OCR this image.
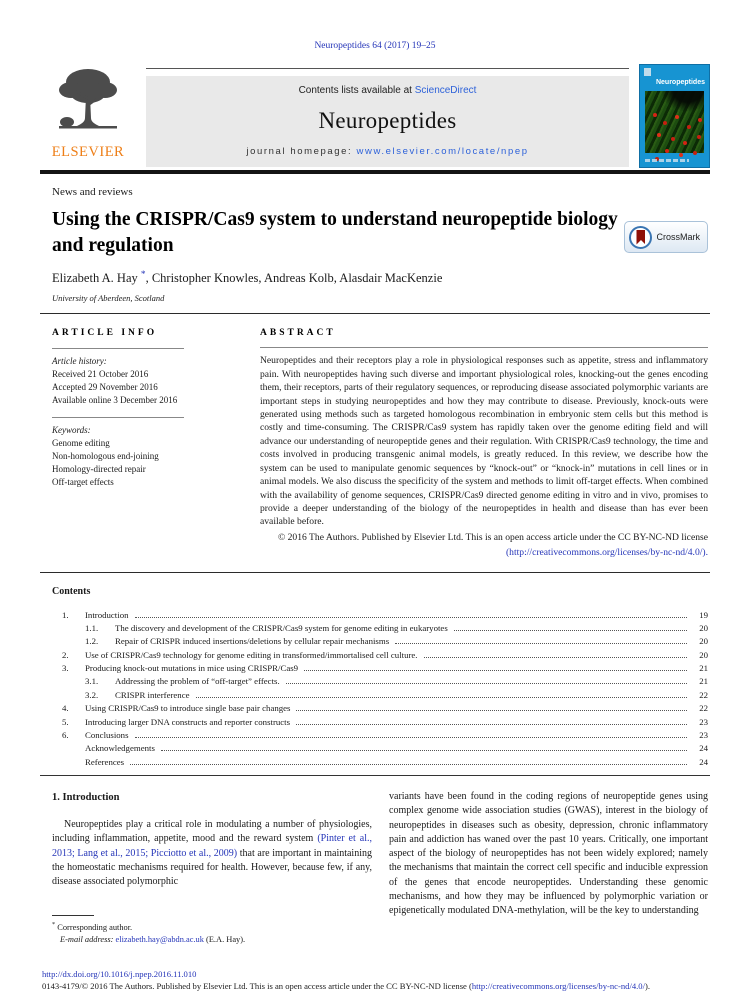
Neuropeptides 64 (2017) 19–25
ELSEVIER
Contents lists available at ScienceDirect
Neuropeptides
journal homepage: www.elsevier.com/locate/npep
Neuropeptides
News and reviews
Using the CRISPR/Cas9 system to understand neuropeptide biology and regulation	CrossMark
Elizabeth A. Hay *, Christopher Knowles, Andreas Kolb, Alasdair MacKenzie
University of Aberdeen, Scotland
ARTICLE INFO
Article history:
Received 21 October 2016
Accepted 29 November 2016
Available online 3 December 2016
Keywords:
Genome editing
Non-homologous end-joining
Homology-directed repair
Off-target effects
ABSTRACT
Neuropeptides and their receptors play a role in physiological responses such as appetite, stress and inflammatory pain. With neuropeptides having such diverse and important physiological roles, knocking-out the genes encoding them, their receptors, parts of their regulatory sequences, or reproducing disease associated polymorphic variants are important steps in studying neuropeptides and how they may contribute to disease. Previously, knock-outs were generated using methods such as targeted homologous recombination in embryonic stem cells but this method is costly and time-consuming. The CRISPR/Cas9 system has rapidly taken over the genome editing field and will advance our understanding of neuropeptide genes and their regulation. With CRISPR/Cas9 technology, the time and costs involved in producing transgenic animal models, is greatly reduced. In this review, we describe how the system can be used to manipulate genomic sequences by “knock-out” or “knock-in” mutations in cell lines or in animal models. We also discuss the specificity of the system and methods to limit off-target effects. When combined with the availability of genome sequences, CRISPR/Cas9 directed genome editing in vitro and in vivo, promises to provide a deeper understanding of the biology of the neuropeptides in health and disease than has ever been available before.
© 2016 The Authors. Published by Elsevier Ltd. This is an open access article under the CC BY-NC-ND license
(http://creativecommons.org/licenses/by-nc-nd/4.0/).
Contents
1.	Introduction	19
1.1.	The discovery and development of the CRISPR/Cas9 system for genome editing in eukaryotes	20
1.2.	Repair of CRISPR induced insertions/deletions by cellular repair mechanisms	20
2.	Use of CRISPR/Cas9 technology for genome editing in transformed/immortalised cell culture.	20
3.	Producing knock-out mutations in mice using CRISPR/Cas9	21
3.1.	Addressing the problem of “off-target” effects.	21
3.2.	CRISPR interference	22
4.	Using CRISPR/Cas9 to introduce single base pair changes	22
5.	Introducing larger DNA constructs and reporter constructs	23
6.	Conclusions	23
Acknowledgements	24
References	24
1. Introduction
Neuropeptides play a critical role in modulating a number of physiologies, including inflammation, appetite, mood and the reward system (Pinter et al., 2013; Lang et al., 2015; Picciotto et al., 2009) that are important in maintaining the homeostatic mechanisms required for health. However, because few, if any, disease associated polymorphic
* Corresponding author.
E-mail address: elizabeth.hay@abdn.ac.uk (E.A. Hay).
variants have been found in the coding regions of neuropeptide genes using complex genome wide association studies (GWAS), interest in the biology of neuropeptides in diseases such as obesity, depression, chronic inflammatory pain and addiction has waned over the past 10 years. Critically, one important aspect of the biology of neuropeptides has not been widely explored; namely the mechanisms that maintain the correct cell specific and inducible expression of the genes that encode neuropeptides. Understanding these genomic mechanisms, and how they may be influenced by polymorphic variation or epigenetically modulated DNA-methylation, will be the key to understanding
http://dx.doi.org/10.1016/j.npep.2016.11.010
0143-4179/© 2016 The Authors. Published by Elsevier Ltd. This is an open access article under the CC BY-NC-ND license (http://creativecommons.org/licenses/by-nc-nd/4.0/).
